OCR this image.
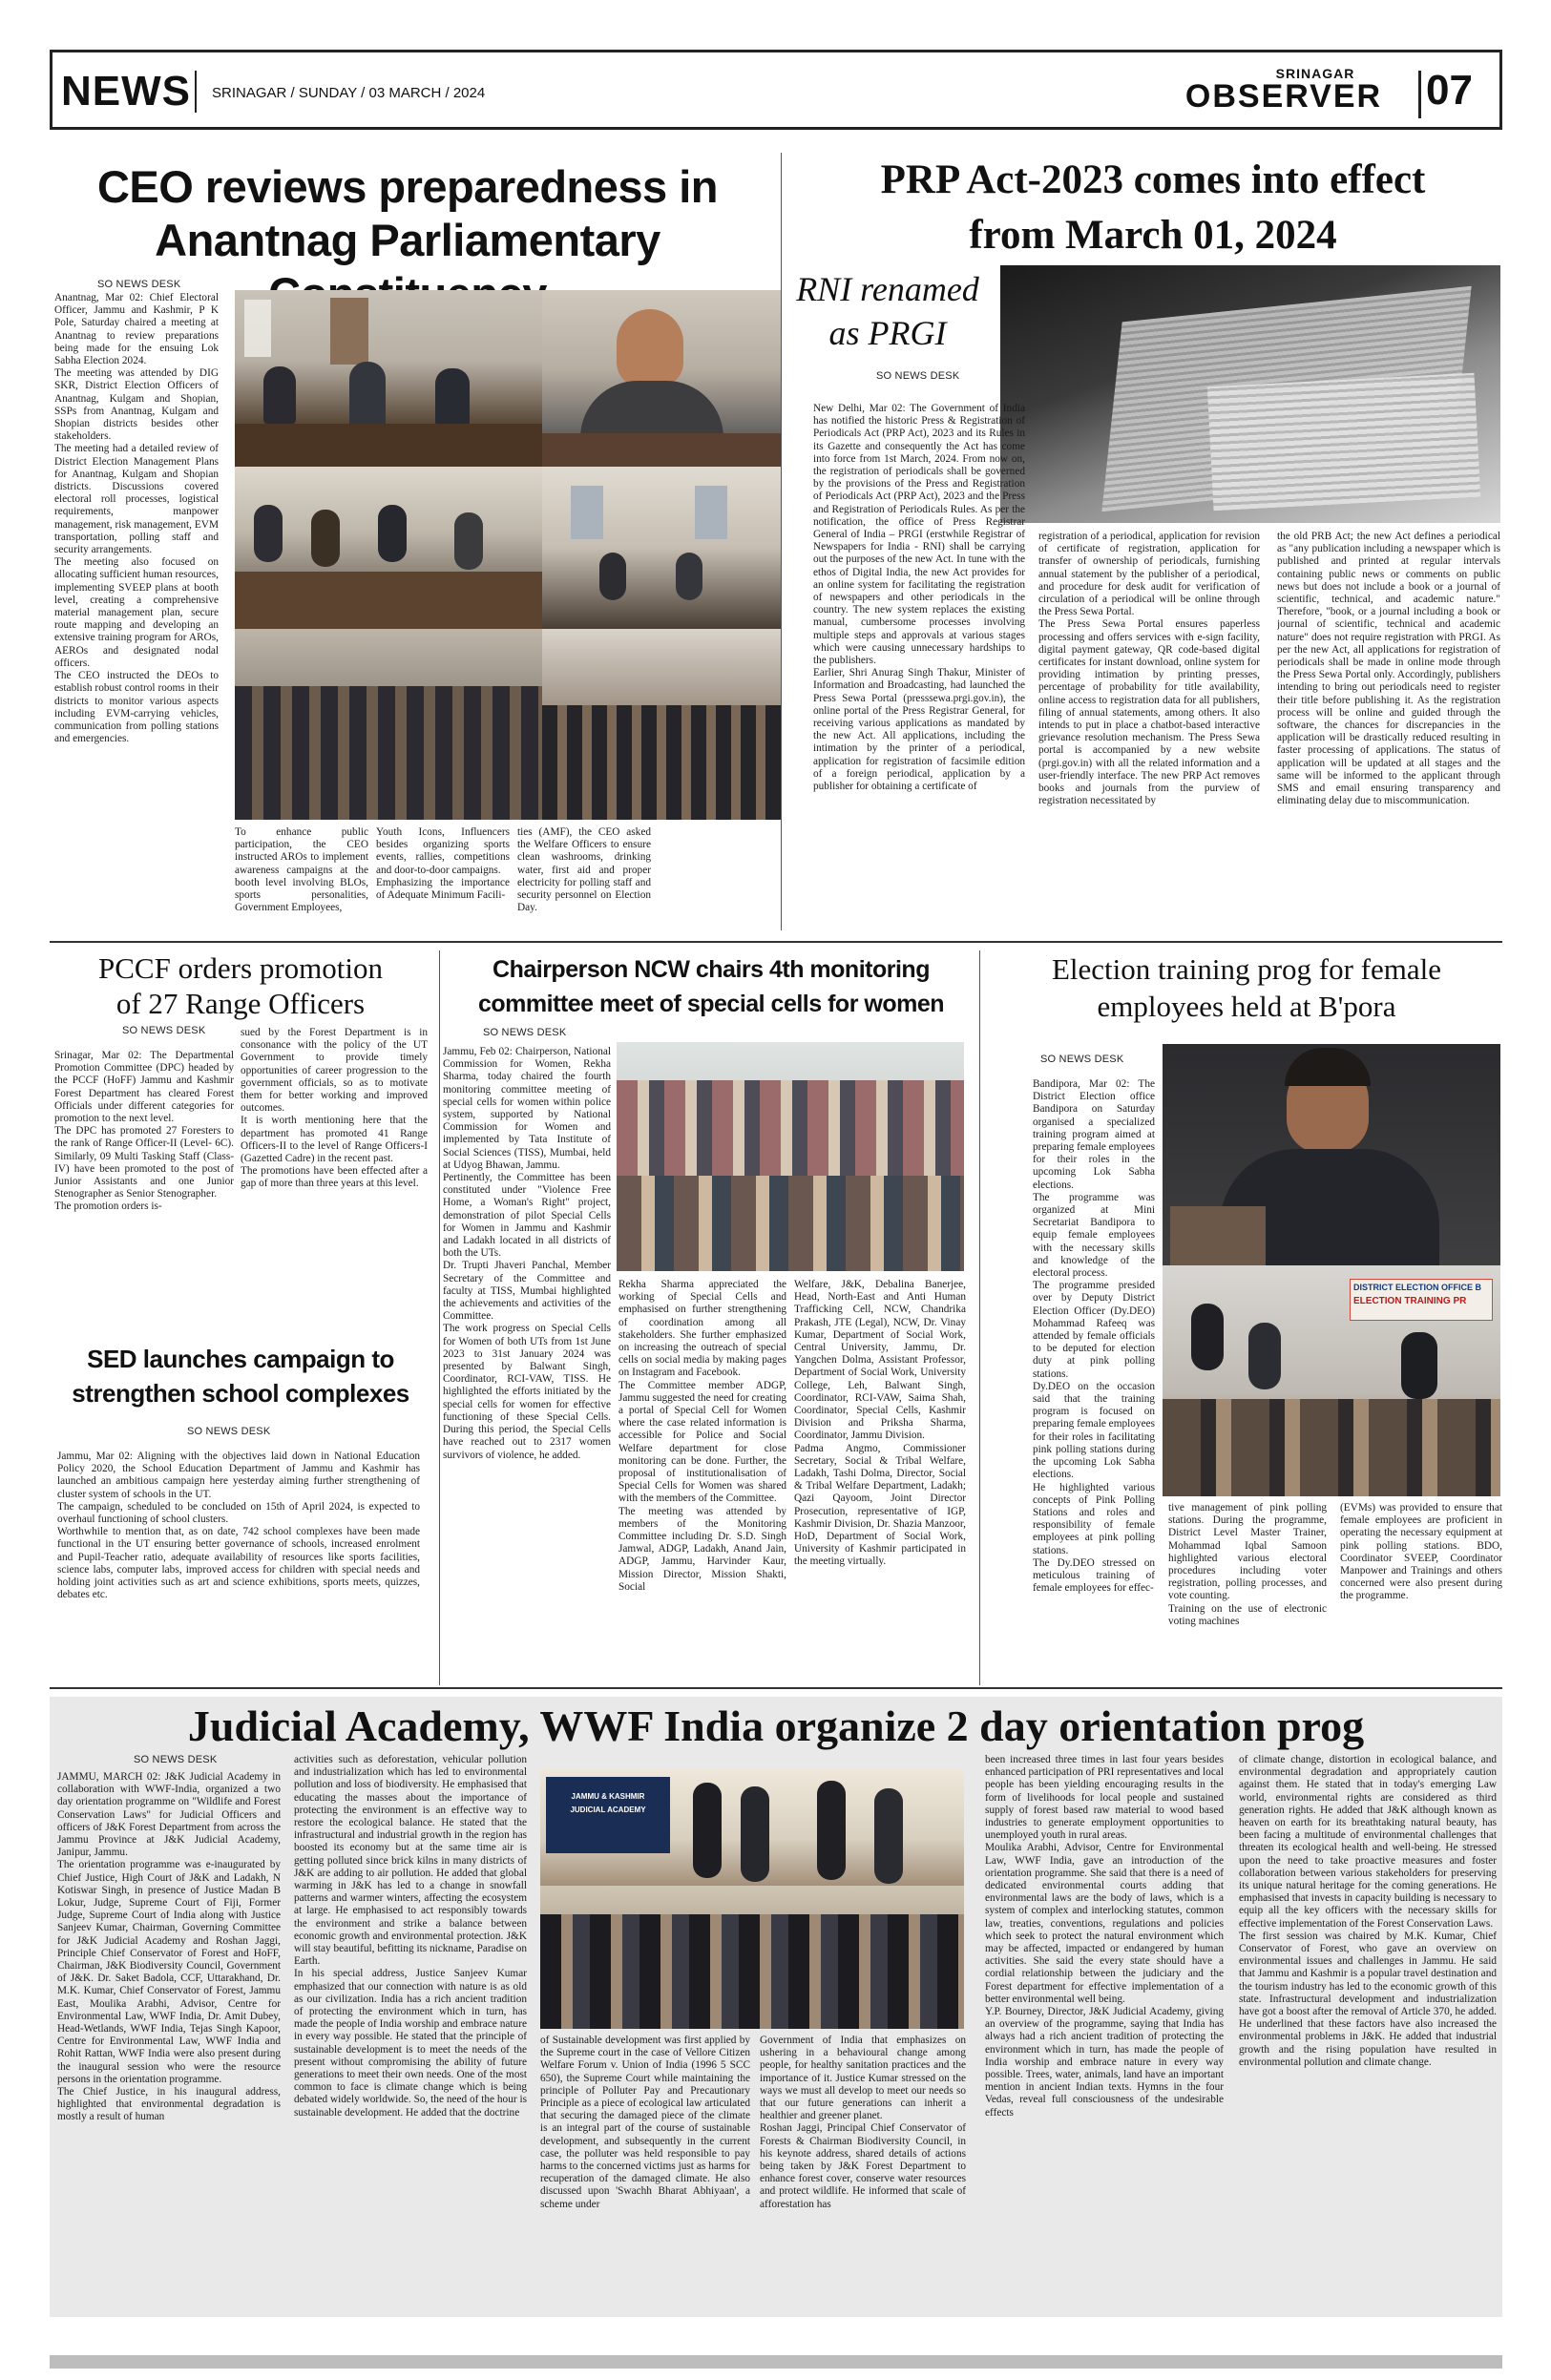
NEWS SRINAGAR / SUNDAY / 03 MARCH / 2024
SRINAGAR
OBSERVER	07
CEO reviews preparedness in
Anantnag Parliamentary
SO NEWS DESK
Anantnag, Mar 02: Chief Electoral Officer, Jammu and Kashmir, P K Pole, Saturday chaired a meeting at Anantnag to review preparations being made for the ensuing Lok Sabha Election 2024.
The meeting was attended by DIG SKR, District Election Officers of Anantnag, Kulgam and Shopian, SSPs from Anantnag, Kulgam and Shopian districts besides other stakeholders.
The meeting had a detailed review of District Election Management Plans for Anantnag, Kulgam and Shopian districts. Discussions covered electoral roll processes, logistical requirements, manpower management, risk management, EVM transportation, polling staff and security arrangements.
The meeting also focused on allocating sufficient human resources, implementing SVEEP plans at booth level, creating a comprehensive material management plan, secure route mapping and developing an extensive training program for AROs, AEROs and designated nodal officers.
The CEO instructed the DEOs to establish robust control rooms in their districts to monitor various aspects including EVM-carrying vehicles, communication from polling stations and emergencies.
To enhance public participation, the CEO instructed AROs to implement awareness campaigns at the booth level involving BLOs, sports personalities, Government Employees,
Youth Icons, Influencers besides organizing sports events, rallies, competitions and door-to-door campaigns.
Emphasizing the importance of Adequate Minimum Facili-
ties (AMF), the CEO asked the Welfare Officers to ensure clean washrooms, drinking water, first aid and proper electricity for polling staff and security personnel on Election Day.
PRP Act-2023 comes into effect
from March 01, 2024
RNI renamed
as PRGI
SO NEWS DESK
New Delhi, Mar 02: The Government of India has notified the historic Press & Registration of Periodicals Act (PRP Act), 2023 and its Rules in its Gazette and consequently the Act has come into force from 1st March, 2024. From now on, the registration of periodicals shall be governed by the provisions of the Press and Registration of Periodicals Act (PRP Act), 2023 and the Press and Registration of Periodicals Rules. As per the notification, the office of Press Registrar General of India – PRGI (erstwhile Registrar of Newspapers for India - RNI) shall be carrying out the purposes of the new Act. In tune with the ethos of Digital India, the new Act provides for an online system for facilitating the registration of newspapers and other periodicals in the country. The new system replaces the existing manual, cumbersome processes involving multiple steps and approvals at various stages which were causing unnecessary hardships to the publishers.
Earlier, Shri Anurag Singh Thakur, Minister of Information and Broadcasting, had launched the Press Sewa Portal (presssewa.prgi.gov.in), the online portal of the Press Registrar General, for receiving various applications as mandated by the new Act. All applications, including the intimation by the printer of a periodical, application for registration of facsimile edition of a foreign periodical, application by a publisher for obtaining a certificate of
registration of a periodical, application for revision of certificate of registration, application for transfer of ownership of periodicals, furnishing annual statement by the publisher of a periodical, and procedure for desk audit for verification of circulation of a periodical will be online through the Press Sewa Portal.
The Press Sewa Portal ensures paperless processing and offers services with e-sign facility, digital payment gateway, QR code-based digital certificates for instant download, online system for providing intimation by printing presses, percentage of probability for title availability, online access to registration data for all publishers, filing of annual statements, among others. It also intends to put in place a chatbot-based interactive grievance resolution mechanism. The Press Sewa portal is accompanied by a new website (prgi.gov.in) with all the related information and a user-friendly interface. The new PRP Act removes books and journals from the purview of registration necessitated by
the old PRB Act; the new Act defines a periodical as "any publication including a newspaper which is published and printed at regular intervals containing public news or comments on public news but does not include a book or a journal of scientific, technical, and academic nature." Therefore, "book, or a journal including a book or journal of scientific, technical and academic nature" does not require registration with PRGI. As per the new Act, all applications for registration of periodicals shall be made in online mode through the Press Sewa Portal only. Accordingly, publishers intending to bring out periodicals need to register their title before publishing it. As the registration process will be online and guided through the software, the chances for discrepancies in the application will be drastically reduced resulting in faster processing of applications. The status of application will be updated at all stages and the same will be informed to the applicant through SMS and email ensuring transparency and eliminating delay due to miscommunication.
PCCF orders promotion
of 27 Range Officers
SO NEWS DESK
Srinagar, Mar 02: The Departmental Promotion Committee (DPC) headed by the PCCF (HoFF) Jammu and Kashmir Forest Department has cleared Forest Officials under different categories for promotion to the next level.
The DPC has promoted 27 Foresters to the rank of Range Officer-II (Level- 6C). Similarly, 09 Multi Tasking Staff (Class-IV) have been promoted to the post of Junior Assistants and one Junior Stenographer as Senior Stenographer.
The promotion orders is-
sued by the Forest Department is in consonance with the policy of the UT Government to provide timely opportunities of career progression to the government officials, so as to motivate them for better working and improved outcomes.
It is worth mentioning here that the department has promoted 41 Range Officers-II to the level of Range Officers-I (Gazetted Cadre) in the recent past.
The promotions have been effected after a gap of more than three years at this level.
SED launches campaign to
strengthen school complexes
SO NEWS DESK
Jammu, Mar 02: Aligning with the objectives laid down in National Education Policy 2020, the School Education Department of Jammu and Kashmir has launched an ambitious campaign here yesterday aiming further strengthening of cluster system of schools in the UT.
The campaign, scheduled to be concluded on 15th of April 2024, is expected to overhaul functioning of school clusters.
Worthwhile to mention that, as on date, 742 school complexes have been made functional in the UT ensuring better governance of schools, increased enrolment and Pupil-Teacher ratio, adequate availability of resources like sports facilities, science labs, computer labs, improved access for children with special needs and holding joint activities such as art and science exhibitions, sports meets, quizzes, debates etc.
Chairperson NCW chairs 4th monitoring
committee meet of special cells for women
SO NEWS DESK
Jammu, Feb 02: Chairperson, National Commission for Women, Rekha Sharma, today chaired the fourth monitoring committee meeting of special cells for women within police system, supported by National Commission for Women and implemented by Tata Institute of Social Sciences (TISS), Mumbai, held at Udyog Bhawan, Jammu.
Pertinently, the Committee has been constituted under "Violence Free Home, a Woman's Right" project, demonstration of pilot Special Cells for Women in Jammu and Kashmir and Ladakh located in all districts of both the UTs.
Dr. Trupti Jhaveri Panchal, Member Secretary of the Committee and faculty at TISS, Mumbai highlighted the achievements and activities of the Committee.
The work progress on Special Cells for Women of both UTs from 1st June 2023 to 31st January 2024 was presented by Balwant Singh, Coordinator, RCI-VAW, TISS. He highlighted the efforts initiated by the special cells for women for effective functioning of these Special Cells. During this period, the Special Cells have reached out to 2317 women survivors of violence, he added.
Rekha Sharma appreciated the working of Special Cells and emphasised on further strengthening of coordination among all stakeholders. She further emphasized on increasing the outreach of special cells on social media by making pages on Instagram and Facebook.
The Committee member ADGP, Jammu suggested the need for creating a portal of Special Cell for Women where the case related information is accessible for Police and Social Welfare department for close monitoring can be done. Further, the proposal of institutionalisation of Special Cells for Women was shared with the members of the Committee.
The meeting was attended by members of the Monitoring Committee including Dr. S.D. Singh Jamwal, ADGP, Ladakh, Anand Jain, ADGP, Jammu, Harvinder Kaur, Mission Director, Mission Shakti, Social
Welfare, J&K, Debalina Banerjee, Head, North-East and Anti Human Trafficking Cell, NCW, Chandrika Prakash, JTE (Legal), NCW, Dr. Vinay Kumar, Department of Social Work, Central University, Jammu, Dr. Yangchen Dolma, Assistant Professor, Department of Social Work, University College, Leh, Balwant Singh, Coordinator, RCI-VAW, Saima Shah, Coordinator, Special Cells, Kashmir Division and Priksha Sharma, Coordinator, Jammu Division.
Padma Angmo, Commissioner Secretary, Social & Tribal Welfare, Ladakh, Tashi Dolma, Director, Social & Tribal Welfare Department, Ladakh; Qazi Qayoom, Joint Director Prosecution, representative of IGP, Kashmir Division, Dr. Shazia Manzoor, HoD, Department of Social Work, University of Kashmir participated in the meeting virtually.
Election training prog for female
employees held at B'pora
SO NEWS DESK
Bandipora, Mar 02: The District Election office Bandipora on Saturday organised a specialized training program aimed at preparing female employees for their roles in the upcoming Lok Sabha elections.
The programme was organized at Mini Secretariat Bandipora to equip female employees with the necessary skills and knowledge of the electoral process.
The programme presided over by Deputy District Election Officer (Dy.DEO) Mohammad Rafeeq was attended by female officials to be deputed for election duty at pink polling stations.
Dy.DEO on the occasion said that the training program is focused on preparing female employees for their roles in facilitating pink polling stations during the upcoming Lok Sabha elections.
He highlighted various concepts of Pink Polling Stations and roles and responsibility of female employees at pink polling stations.
The Dy.DEO stressed on meticulous training of female employees for effec-
DISTRICT ELECTION OFFICE B
ELECTION TRAINING PR
tive management of pink polling stations. During the programme, District Level Master Trainer, Mohammad Iqbal Samoon highlighted various electoral procedures including voter registration, polling processes, and vote counting.
Training on the use of electronic voting machines
(EVMs) was provided to ensure that female employees are proficient in operating the necessary equipment at pink polling stations. BDO, Coordinator SVEEP, Coordinator Manpower and Trainings and others concerned were also present during the programme.
Judicial Academy, WWF India organize 2 day orientation prog
SO NEWS DESK
JAMMU, MARCH 02: J&K Judicial Academy in collaboration with WWF-India, organized a two day orientation programme on "Wildlife and Forest Conservation Laws" for Judicial Officers and officers of J&K Forest Department from across the Jammu Province at J&K Judicial Academy, Janipur, Jammu.
The orientation programme was e-inaugurated by Chief Justice, High Court of J&K and Ladakh, N Kotiswar Singh, in presence of Justice Madan B Lokur, Judge, Supreme Court of Fiji, Former Judge, Supreme Court of India along with Justice Sanjeev Kumar, Chairman, Governing Committee for J&K Judicial Academy and Roshan Jaggi, Principle Chief Conservator of Forest and HoFF, Chairman, J&K Biodiversity Council, Government of J&K. Dr. Saket Badola, CCF, Uttarakhand, Dr. M.K. Kumar, Chief Conservator of Forest, Jammu East, Moulika Arabhi, Advisor, Centre for Environmental Law, WWF India, Dr. Amit Dubey, Head-Wetlands, WWF India, Tejas Singh Kapoor, Centre for Environmental Law, WWF India and Rohit Rattan, WWF India were also present during the inaugural session who were the resource persons in the orientation programme.
The Chief Justice, in his inaugural address, highlighted that environmental degradation is mostly a result of human
activities such as deforestation, vehicular pollution and industrialization which has led to environmental pollution and loss of biodiversity. He emphasised that educating the masses about the importance of protecting the environment is an effective way to restore the ecological balance. He stated that the infrastructural and industrial growth in the region has boosted its economy but at the same time air is getting polluted since brick kilns in many districts of J&K are adding to air pollution. He added that global warming in J&K has led to a change in snowfall patterns and warmer winters, affecting the ecosystem at large. He emphasised to act responsibly towards the environment and strike a balance between economic growth and environmental protection. J&K will stay beautiful, befitting its nickname, Paradise on Earth.
In his special address, Justice Sanjeev Kumar emphasized that our connection with nature is as old as our civilization. India has a rich ancient tradition of protecting the environment which in turn, has made the people of India worship and embrace nature in every way possible. He stated that the principle of sustainable development is to meet the needs of the present without compromising the ability of future generations to meet their own needs. One of the most common to face is climate change which is being debated widely worldwide. So, the need of the hour is sustainable development. He added that the doctrine
JAMMU & KASHMIR
JUDICIAL ACADEMY
of Sustainable development was first applied by the Supreme court in the case of Vellore Citizen Welfare Forum v. Union of India (1996 5 SCC 650), the Supreme Court while maintaining the principle of Polluter Pay and Precautionary Principle as a piece of ecological law articulated that securing the damaged piece of the climate is an integral part of the course of sustainable development, and subsequently in the current case, the polluter was held responsible to pay harms to the concerned victims just as harms for recuperation of the damaged climate. He also discussed upon 'Swachh Bharat Abhiyaan', a scheme under
Government of India that emphasizes on ushering in a behavioural change among people, for healthy sanitation practices and the importance of it. Justice Kumar stressed on the ways we must all develop to meet our needs so that our future generations can inherit a healthier and greener planet.
Roshan Jaggi, Principal Chief Conservator of Forests & Chairman Biodiversity Council, in his keynote address, shared details of actions being taken by J&K Forest Department to enhance forest cover, conserve water resources and protect wildlife. He informed that scale of afforestation has
been increased three times in last four years besides enhanced participation of PRI representatives and local people has been yielding encouraging results in the form of livelihoods for local people and sustained supply of forest based raw material to wood based industries to generate employment opportunities to unemployed youth in rural areas.
Moulika Arabhi, Advisor, Centre for Environmental Law, WWF India, gave an introduction of the orientation programme. She said that there is a need of dedicated environmental courts adding that environmental laws are the body of laws, which is a system of complex and interlocking statutes, common law, treaties, conventions, regulations and policies which seek to protect the natural environment which may be affected, impacted or endangered by human activities. She said the every state should have a cordial relationship between the judiciary and the Forest department for effective implementation of a better environmental well being.
Y.P. Bourney, Director, J&K Judicial Academy, giving an overview of the programme, saying that India has always had a rich ancient tradition of protecting the environment which in turn, has made the people of India worship and embrace nature in every way possible. Trees, water, animals, land have an important mention in ancient Indian texts. Hymns in the four Vedas, reveal full consciousness of the undesirable effects
of climate change, distortion in ecological balance, and environmental degradation and appropriately caution against them. He stated that in today's emerging Law world, environmental rights are considered as third generation rights. He added that J&K although known as heaven on earth for its breathtaking natural beauty, has been facing a multitude of environmental challenges that threaten its ecological health and well-being. He stressed upon the need to take proactive measures and foster collaboration between various stakeholders for preserving its unique natural heritage for the coming generations. He emphasised that invests in capacity building is necessary to equip all the key officers with the necessary skills for effective implementation of the Forest Conservation Laws.
The first session was chaired by M.K. Kumar, Chief Conservator of Forest, who gave an overview on environmental issues and challenges in Jammu. He said that Jammu and Kashmir is a popular travel destination and the tourism industry has led to the economic growth of this state. Infrastructural development and industrialization have got a boost after the removal of Article 370, he added. He underlined that these factors have also increased the environmental problems in J&K. He added that industrial growth and the rising population have resulted in environmental pollution and climate change.
